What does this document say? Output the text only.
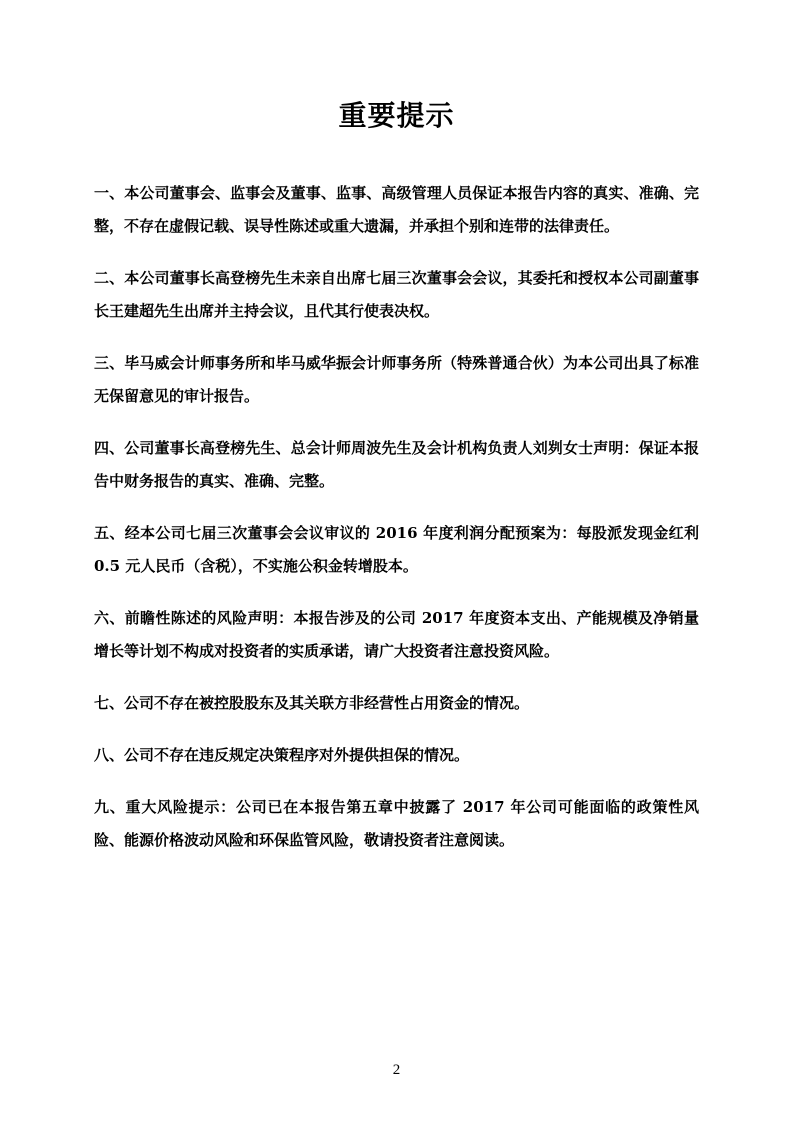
重要提示

一、本公司董事会、监事会及董事、监事、高级管理人员保证本报告内容的真实、准确、完整，不存在虚假记载、误导性陈述或重大遗漏，并承担个别和连带的法律责任。

二、本公司董事长高登榜先生未亲自出席七届三次董事会会议，其委托和授权本公司副董事长王建超先生出席并主持会议，且代其行使表决权。

三、毕马威会计师事务所和毕马威华振会计师事务所（特殊普通合伙）为本公司出具了标准无保留意见的审计报告。

四、公司董事长高登榜先生、总会计师周波先生及会计机构负责人刘刿女士声明：保证本报告中财务报告的真实、准确、完整。

五、经本公司七届三次董事会会议审议的 2016 年度利润分配预案为：每股派发现金红利 0.5 元人民币（含税），不实施公积金转增股本。

六、前瞻性陈述的风险声明：本报告涉及的公司 2017 年度资本支出、产能规模及净销量增长等计划不构成对投资者的实质承诺，请广大投资者注意投资风险。

七、公司不存在被控股股东及其关联方非经营性占用资金的情况。

八、公司不存在违反规定决策程序对外提供担保的情况。

九、重大风险提示：公司已在本报告第五章中披露了 2017 年公司可能面临的政策性风险、能源价格波动风险和环保监管风险，敬请投资者注意阅读。

2
